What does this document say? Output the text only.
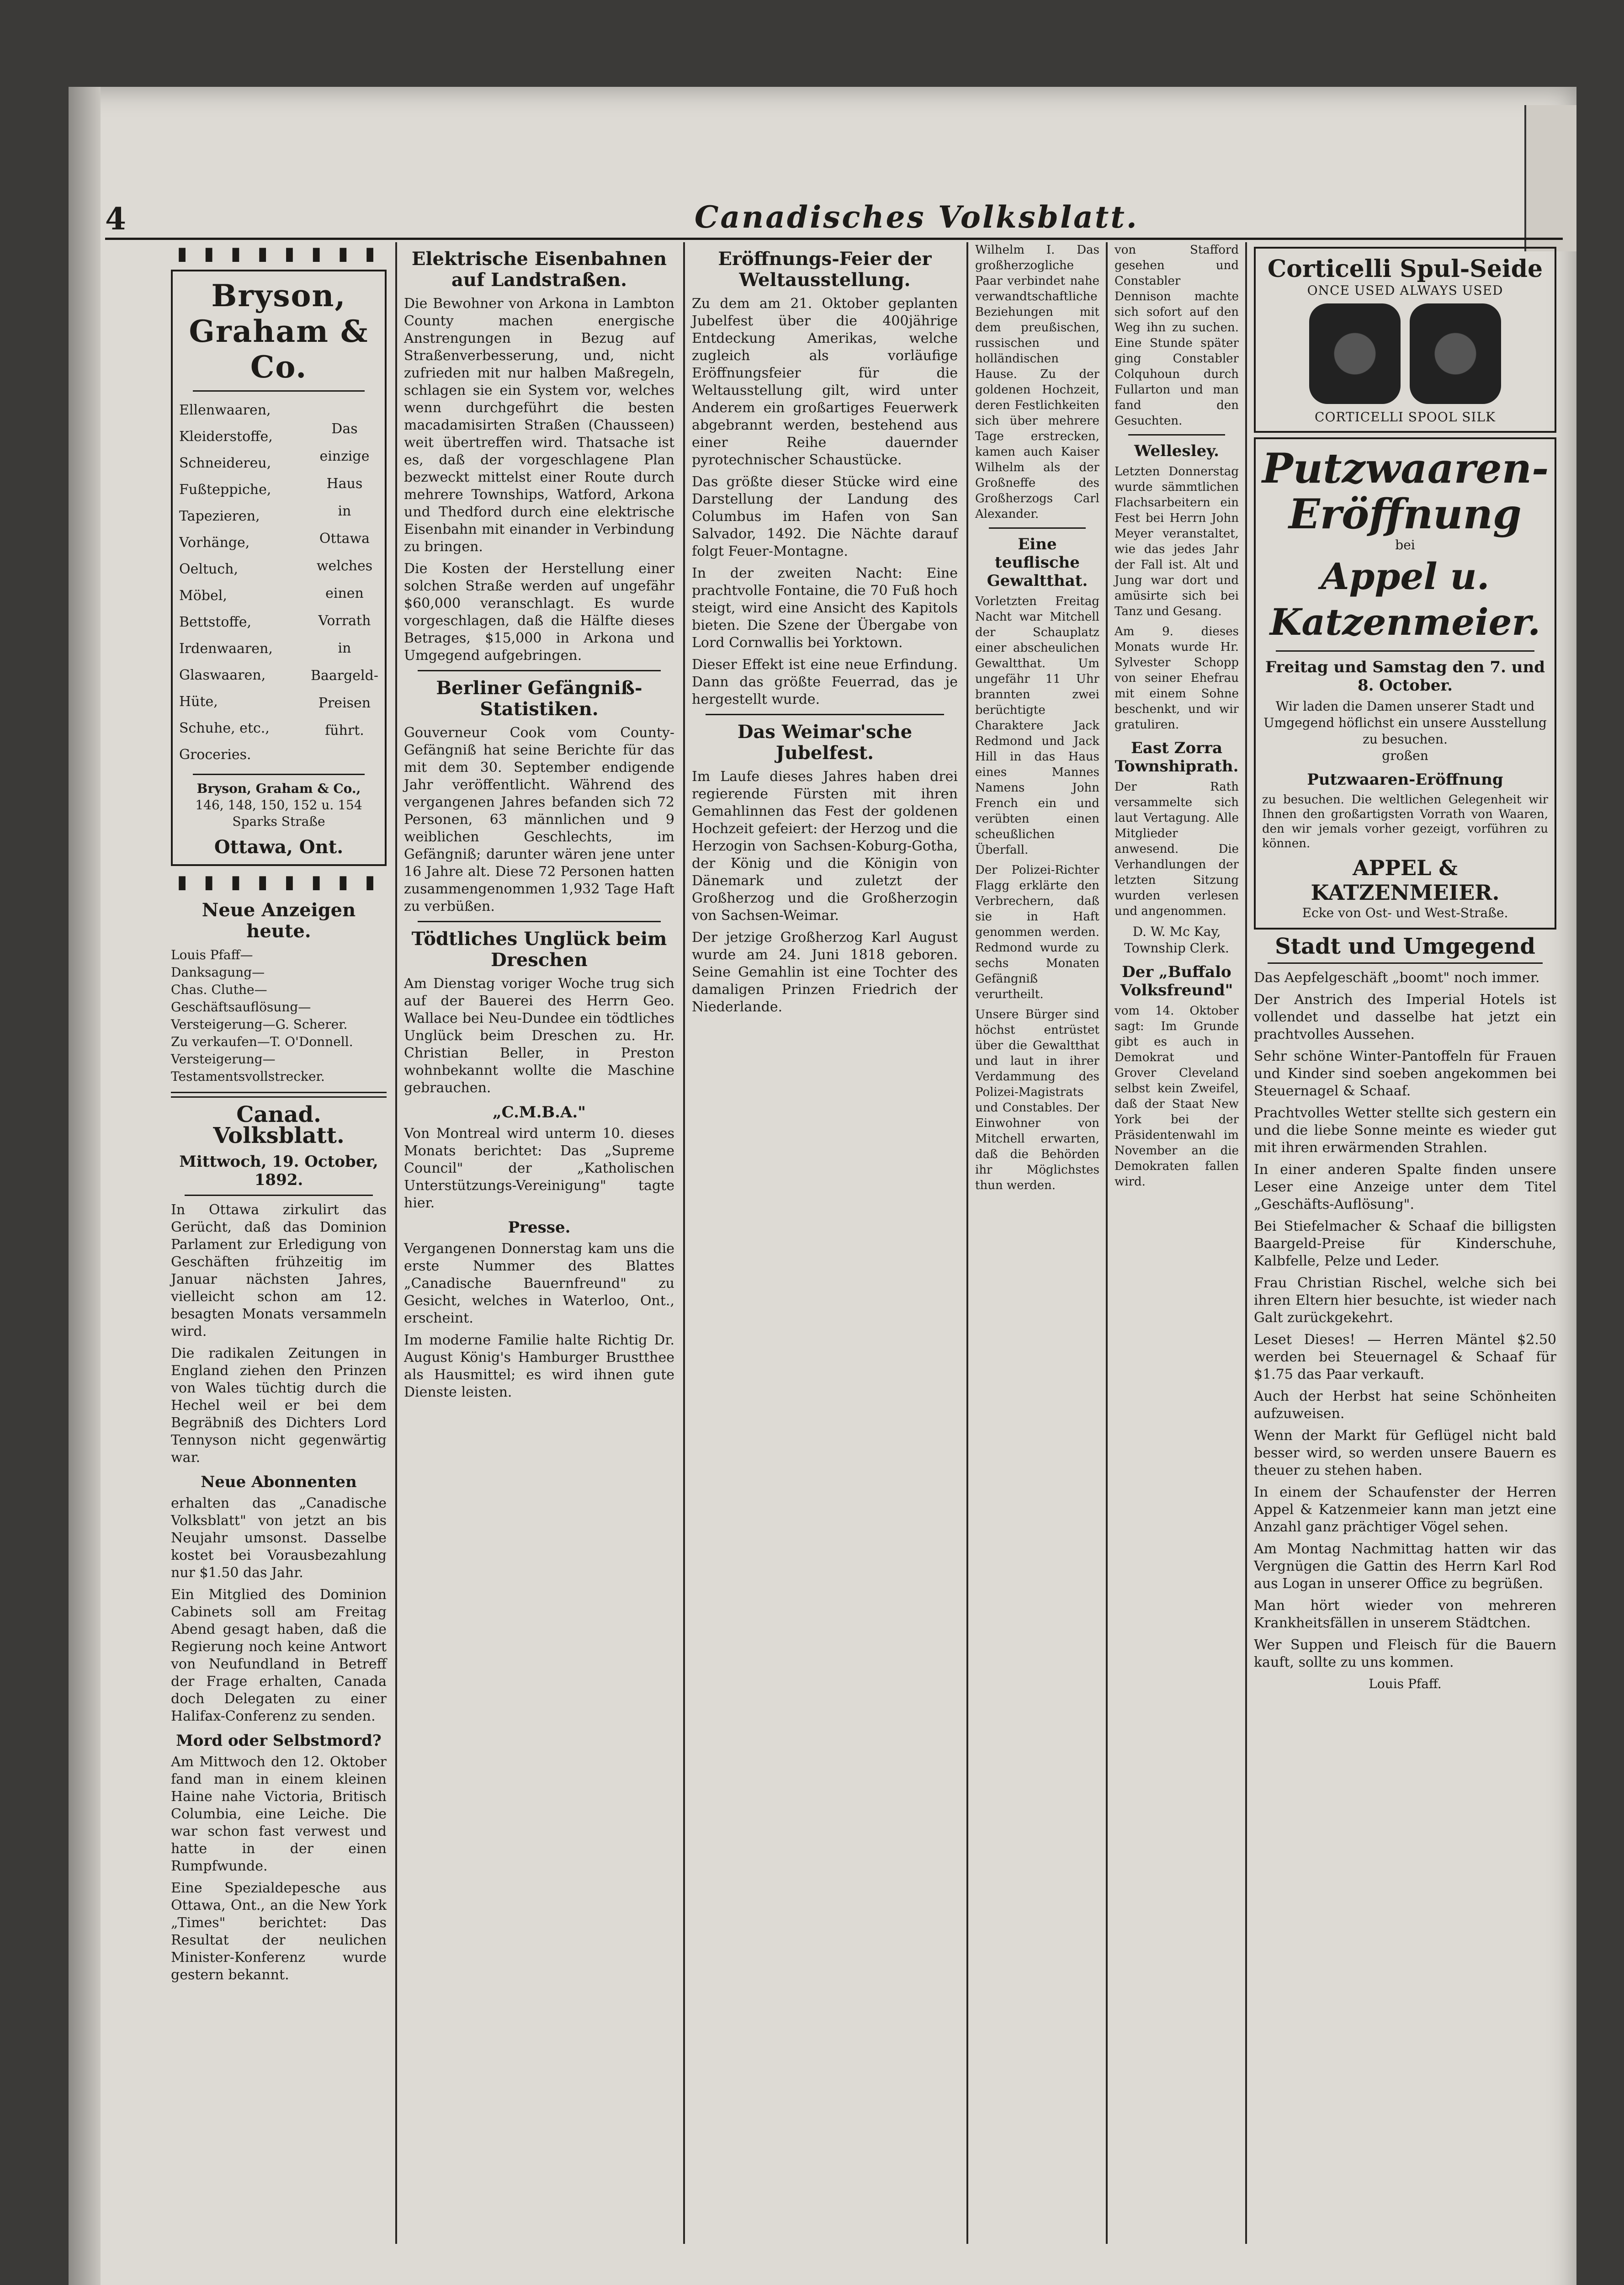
4	Canadisches Volksblatt.
▮ ▮ ▮ ▮ ▮ ▮ ▮ ▮
Bryson, Graham & Co.
Ellenwaaren,
Kleiderstoffe,
Schneidereu,
Fußteppiche,
Tapezieren,
Vorhänge,
Oeltuch,
Möbel,
Bettstoffe,
Irdenwaaren,
Glaswaaren,
Hüte,
Schuhe, etc.,
Groceries.
Das
einzige
Haus
in
Ottawa
welches
einen
Vorrath
in
Baargeld-
Preisen
führt.
Bryson, Graham & Co.,
146, 148, 150, 152 u. 154 Sparks Straße
Ottawa, Ont.
▮ ▮ ▮ ▮ ▮ ▮ ▮ ▮
Neue Anzeigen heute.
Louis Pfaff—
Danksagung—
Chas. Cluthe—
Geschäftsauflösung—
Versteigerung—G. Scherer.
Zu verkaufen—T. O'Donnell.
Versteigerung—Testamentsvollstrecker.
Canad. Volksblatt.
Mittwoch, 19. October, 1892.

In Ottawa zirkulirt das Gerücht, daß das Dominion Parlament zur Erledigung von Geschäften frühzeitig im Januar nächsten Jahres, vielleicht schon am 12. besagten Monats versammeln wird.

Die radikalen Zeitungen in England ziehen den Prinzen von Wales tüchtig durch die Hechel weil er bei dem Begräbniß des Dichters Lord Tennyson nicht gegenwärtig war.

Neue Abonnenten

erhalten das „Canadische Volksblatt" von jetzt an bis Neujahr umsonst. Dasselbe kostet bei Vorausbezahlung nur $1.50 das Jahr.

Ein Mitglied des Dominion Cabinets soll am Freitag Abend gesagt haben, daß die Regierung noch keine Antwort von Neufundland in Betreff der Frage erhalten, Canada doch Delegaten zu einer Halifax-Conferenz zu senden.

Mord oder Selbstmord?

Am Mittwoch den 12. Oktober fand man in einem kleinen Haine nahe Victoria, Britisch Columbia, eine Leiche. Die war schon fast verwest und hatte in der einen Rumpfwunde.

Eine Spezialdepesche aus Ottawa, Ont., an die New York „Times" berichtet: Das Resultat der neulichen Minister-Konferenz wurde gestern bekannt.

Elektrische Eisenbahnen auf Landstraßen.

Die Bewohner von Arkona in Lambton County machen energische Anstrengungen in Bezug auf Straßenverbesserung, und, nicht zufrieden mit nur halben Maßregeln, schlagen sie ein System vor, welches wenn durchgeführt die besten macadamisirten Straßen (Chausseen) weit übertreffen wird. Thatsache ist es, daß der vorgeschlagene Plan bezweckt mittelst einer Route durch mehrere Townships, Watford, Arkona und Thedford durch eine elektrische Eisenbahn mit einander in Verbindung zu bringen.

Die Kosten der Herstellung einer solchen Straße werden auf ungefähr $60,000 veranschlagt. Es wurde vorgeschlagen, daß die Hälfte dieses Betrages, $15,000 in Arkona und Umgegend aufgebringen.

Berliner Gefängniß-Statistiken.

Gouverneur Cook vom County-Gefängniß hat seine Berichte für das mit dem 30. September endigende Jahr veröffentlicht. Während des vergangenen Jahres befanden sich 72 Personen, 63 männlichen und 9 weiblichen Geschlechts, im Gefängniß; darunter wären jene unter 16 Jahre alt. Diese 72 Personen hatten zusammengenommen 1,932 Tage Haft zu verbüßen.

Tödtliches Unglück beim Dreschen

Am Dienstag voriger Woche trug sich auf der Bauerei des Herrn Geo. Wallace bei Neu-Dundee ein tödtliches Unglück beim Dreschen zu. Hr. Christian Beller, in Preston wohnbekannt wollte die Maschine gebrauchen.

„C.M.B.A."

Von Montreal wird unterm 10. dieses Monats berichtet: Das „Supreme Council" der „Katholischen Unterstützungs-Vereinigung" tagte hier.

Presse.

Vergangenen Donnerstag kam uns die erste Nummer des Blattes „Canadische Bauernfreund" zu Gesicht, welches in Waterloo, Ont., erscheint.

Im moderne Familie halte Richtig Dr. August König's Hamburger Brustthee als Hausmittel; es wird ihnen gute Dienste leisten.

Eröffnungs-Feier der Weltausstellung.

Zu dem am 21. Oktober geplanten Jubelfest über die 400jährige Entdeckung Amerikas, welche zugleich als vorläufige Eröffnungsfeier für die Weltausstellung gilt, wird unter Anderem ein großartiges Feuerwerk abgebrannt werden, bestehend aus einer Reihe dauernder pyrotechnischer Schaustücke.

Das größte dieser Stücke wird eine Darstellung der Landung des Columbus im Hafen von San Salvador, 1492. Die Nächte darauf folgt Feuer-Montagne.

In der zweiten Nacht: Eine prachtvolle Fontaine, die 70 Fuß hoch steigt, wird eine Ansicht des Kapitols bieten. Die Szene der Übergabe von Lord Cornwallis bei Yorktown.

Dieser Effekt ist eine neue Erfindung. Dann das größte Feuerrad, das je hergestellt wurde.

Das Weimar'sche Jubelfest.

Im Laufe dieses Jahres haben drei regierende Fürsten mit ihren Gemahlinnen das Fest der goldenen Hochzeit gefeiert: der Herzog und die Herzogin von Sachsen-Koburg-Gotha, der König und die Königin von Dänemark und zuletzt der Großherzog und die Großherzogin von Sachsen-Weimar.

Der jetzige Großherzog Karl August wurde am 24. Juni 1818 geboren. Seine Gemahlin ist eine Tochter des damaligen Prinzen Friedrich der Niederlande.

Wilhelm I. Das großherzogliche Paar verbindet nahe verwandtschaftliche Beziehungen mit dem preußischen, russischen und holländischen Hause. Zu der goldenen Hochzeit, deren Festlichkeiten sich über mehrere Tage erstrecken, kamen auch Kaiser Wilhelm als der Großneffe des Großherzogs Carl Alexander.

Eine teuflische Gewaltthat.

Vorletzten Freitag Nacht war Mitchell der Schauplatz einer abscheulichen Gewaltthat. Um ungefähr 11 Uhr brannten zwei berüchtigte Charaktere Jack Redmond und Jack Hill in das Haus eines Mannes Namens John French ein und verübten einen scheußlichen Überfall.

Der Polizei-Richter Flagg erklärte den Verbrechern, daß sie in Haft genommen werden. Redmond wurde zu sechs Monaten Gefängniß verurtheilt.

Unsere Bürger sind höchst entrüstet über die Gewaltthat und laut in ihrer Verdammung des Polizei-Magistrats und Constables. Der Einwohner von Mitchell erwarten, daß die Behörden ihr Möglichstes thun werden.

von Stafford gesehen und Constabler Dennison machte sich sofort auf den Weg ihn zu suchen. Eine Stunde später ging Constabler Colquhoun durch Fullarton und man fand den Gesuchten.

Wellesley.

Letzten Donnerstag wurde sämmtlichen Flachsarbeitern ein Fest bei Herrn John Meyer veranstaltet, wie das jedes Jahr der Fall ist. Alt und Jung war dort und amüsirte sich bei Tanz und Gesang.

Am 9. dieses Monats wurde Hr. Sylvester Schopp von seiner Ehefrau mit einem Sohne beschenkt, und wir gratuliren.

East Zorra Townshiprath.

Der Rath versammelte sich laut Vertagung. Alle Mitglieder anwesend. Die Verhandlungen der letzten Sitzung wurden verlesen und angenommen.

D. W. Mc Kay,
Township Clerk.
Der „Buffalo Volksfreund"

vom 14. Oktober sagt: Im Grunde gibt es auch in Demokrat und Grover Cleveland selbst kein Zweifel, daß der Staat New York bei der Präsidentenwahl im November an die Demokraten fallen wird.

Corticelli Spul-Seide
ONCE USED ALWAYS USED
CORTICELLI SPOOL SILK
Putzwaaren-
Eröffnung
bei
Appel u.
Katzenmeier.
Freitag und Samstag den 7. und 8. October.
Wir laden die Damen unserer Stadt und Umgegend höflichst ein unsere Ausstellung zu besuchen.
großen
Putzwaaren-Eröffnung

zu besuchen. Die weltlichen Gelegenheit wir Ihnen den großartigsten Vorrath von Waaren, den wir jemals vorher gezeigt, vorführen zu können.

APPEL & KATZENMEIER.
Ecke von Ost- und West-Straße.
Stadt und Umgegend

Das Aepfelgeschäft „boomt" noch immer.

Der Anstrich des Imperial Hotels ist vollendet und dasselbe hat jetzt ein prachtvolles Aussehen.

Sehr schöne Winter-Pantoffeln für Frauen und Kinder sind soeben angekommen bei Steuernagel & Schaaf.

Prachtvolles Wetter stellte sich gestern ein und die liebe Sonne meinte es wieder gut mit ihren erwärmenden Strahlen.

In einer anderen Spalte finden unsere Leser eine Anzeige unter dem Titel „Geschäfts-Auflösung".

Bei Stiefelmacher & Schaaf die billigsten Baargeld-Preise für Kinderschuhe, Kalbfelle, Pelze und Leder.

Frau Christian Rischel, welche sich bei ihren Eltern hier besuchte, ist wieder nach Galt zurückgekehrt.

Leset Dieses! — Herren Mäntel $2.50 werden bei Steuernagel & Schaaf für $1.75 das Paar verkauft.

Auch der Herbst hat seine Schönheiten aufzuweisen.

Wenn der Markt für Geflügel nicht bald besser wird, so werden unsere Bauern es theuer zu stehen haben.

In einem der Schaufenster der Herren Appel & Katzenmeier kann man jetzt eine Anzahl ganz prächtiger Vögel sehen.

Am Montag Nachmittag hatten wir das Vergnügen die Gattin des Herrn Karl Rod aus Logan in unserer Office zu begrüßen.

Man hört wieder von mehreren Krankheitsfällen in unserem Städtchen.

Wer Suppen und Fleisch für die Bauern kauft, sollte zu uns kommen.

Louis Pfaff.
